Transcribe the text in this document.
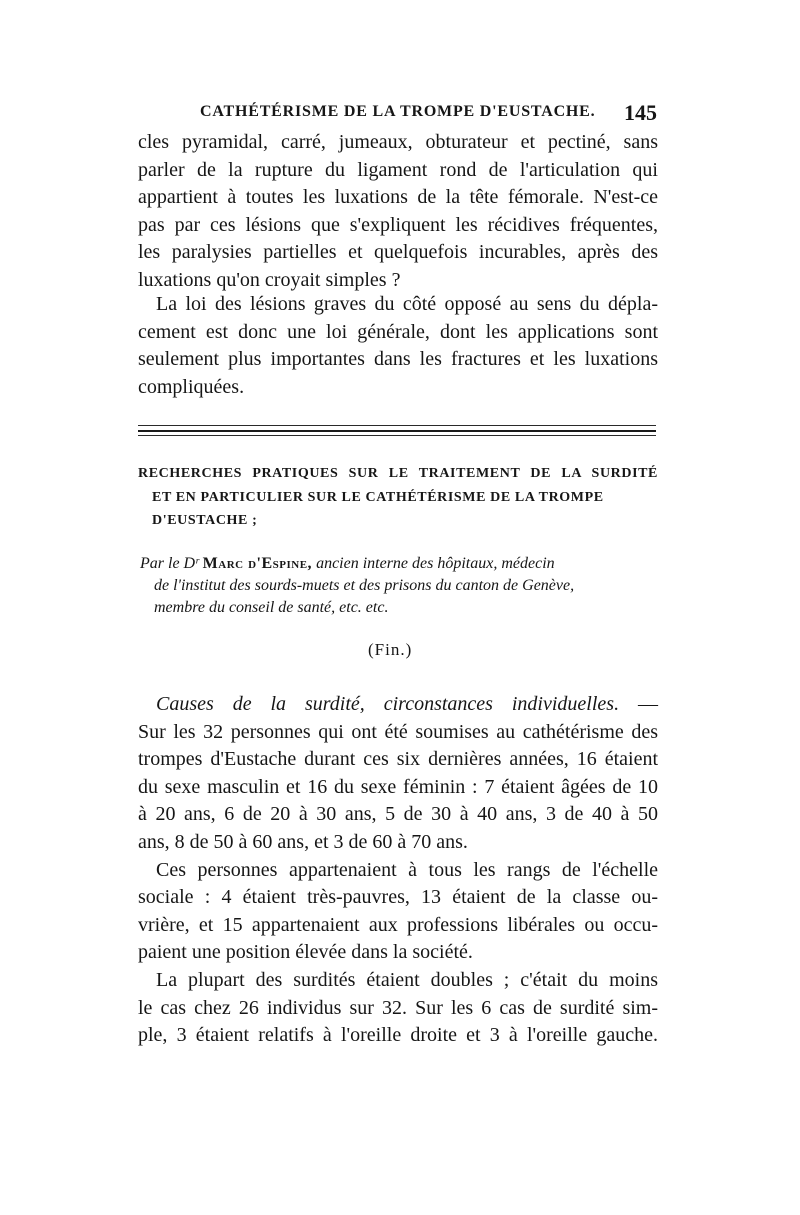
CATHÉTÉRISME DE LA TROMPE D'EUSTACHE. 145
cles pyramidal, carré, jumeaux, obturateur et pectiné, sans
parler de la rupture du ligament rond de l'articulation qui
appartient à toutes les luxations de la tête fémorale. N'est-ce
pas par ces lésions que s'expliquent les récidives fréquentes,
les paralysies partielles et quelquefois incurables, après des
luxations qu'on croyait simples ?
La loi des lésions graves du côté opposé au sens du dépla-
cement est donc une loi générale, dont les applications sont
seulement plus importantes dans les fractures et les luxations
compliquées.
RECHERCHES PRATIQUES SUR LE TRAITEMENT DE LA SURDITÉ
ET EN PARTICULIER SUR LE CATHÉTÉRISME DE LA TROMPE
D'EUSTACHE ;
Par le Dʳ Marc d'Espine, ancien interne des hôpitaux, médecin
de l'institut des sourds-muets et des prisons du canton de Genève,
membre du conseil de santé, etc. etc.
(Fin.)
Causes de la surdité, circonstances individuelles. —
Sur les 32 personnes qui ont été soumises au cathétérisme des
trompes d'Eustache durant ces six dernières années, 16 étaient
du sexe masculin et 16 du sexe féminin : 7 étaient âgées de 10
à 20 ans, 6 de 20 à 30 ans, 5 de 30 à 40 ans, 3 de 40 à 50
ans, 8 de 50 à 60 ans, et 3 de 60 à 70 ans.
Ces personnes appartenaient à tous les rangs de l'échelle
sociale : 4 étaient très-pauvres, 13 étaient de la classe ou-
vrière, et 15 appartenaient aux professions libérales ou occu-
paient une position élevée dans la société.
La plupart des surdités étaient doubles ; c'était du moins
le cas chez 26 individus sur 32. Sur les 6 cas de surdité sim-
ple, 3 étaient relatifs à l'oreille droite et 3 à l'oreille gauche.
